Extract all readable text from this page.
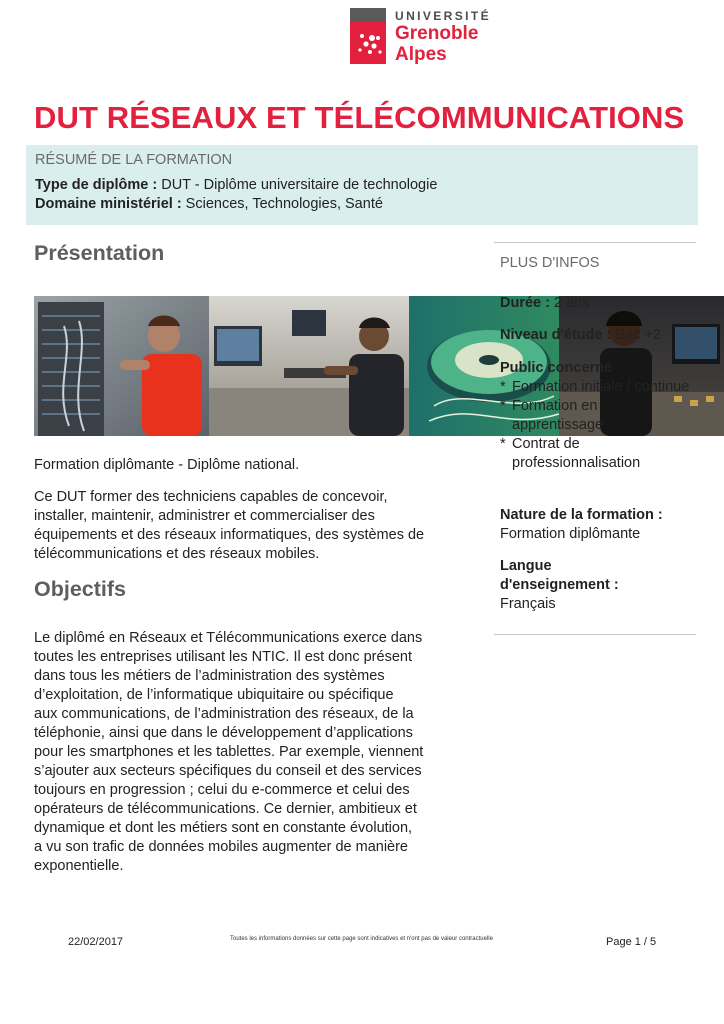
UNIVERSITÉ
Grenoble
Alpes
DUT RÉSEAUX ET TÉLÉCOMMUNICATIONS
RÉSUMÉ DE LA FORMATION
Type de diplôme : DUT - Diplôme universitaire de technologie
Domaine ministériel : Sciences, Technologies, Santé
Présentation

Formation diplômante - Diplôme national.

Ce DUT former des techniciens capables de concevoir,
installer, maintenir, administrer et commercialiser des
équipements et des réseaux informatiques, des systèmes de
télécommunications et des réseaux mobiles.
Objectifs
Le diplômé en Réseaux et Télécommunications exerce dans
toutes les entreprises utilisant les NTIC. Il est donc présent
dans tous les métiers de l’administration des systèmes
d’exploitation, de l’informatique ubiquitaire ou spécifique
aux communications, de l’administration des réseaux, de la
téléphonie, ainsi que dans le développement d’applications
pour les smartphones et les tablettes. Par exemple, viennent
s’ajouter aux secteurs spécifiques du conseil et des services
toujours en progression ; celui du e-commerce et celui des
opérateurs de télécommunications. Ce dernier, ambitieux et
dynamique et dont les métiers sont en constante évolution,
a vu son trafic de données mobiles augmenter de manière
exponentielle.
PLUS D'INFOS
Durée : 2 ans
Niveau d'étude : Bac +2
Public concerné
* Formation initiale / continue
* Formation en apprentissage
* Contrat de professionnalisation
Nature de la formation :
Formation diplômante
Langue
d'enseignement :
Français
22/02/2017	Toutes les informations données sur cette page sont indicatives et n'ont pas de valeur contractuelle	Page 1 / 5
